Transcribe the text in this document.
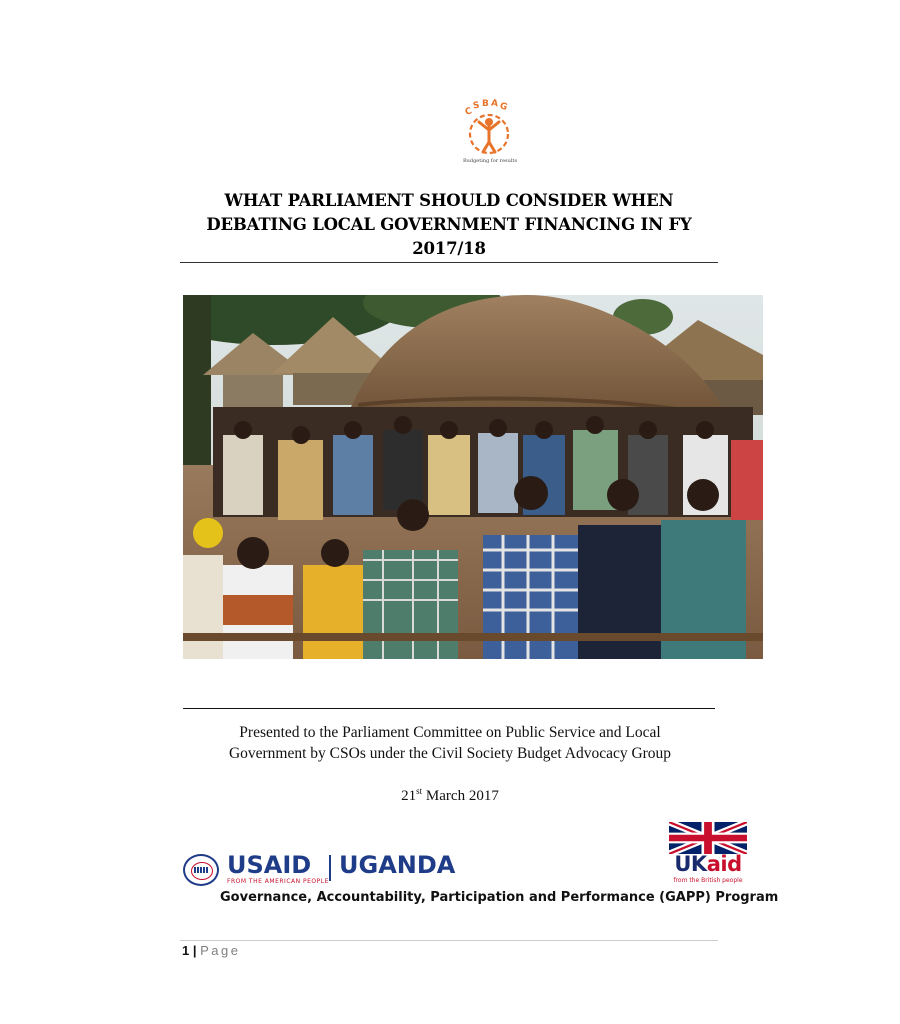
C
S B A G
Budgeting for results
WHAT PARLIAMENT SHOULD CONSIDER WHEN
DEBATING LOCAL GOVERNMENT FINANCING IN FY
2017/18
Presented to the Parliament Committee on Public Service and Local
Government by CSOs under the Civil Society Budget Advocacy Group
21st March 2017
USAID
FROM THE AMERICAN PEOPLE
UGANDA	UKaid
from the British people
Governance, Accountability, Participation and Performance (GAPP) Program
1 | Page
